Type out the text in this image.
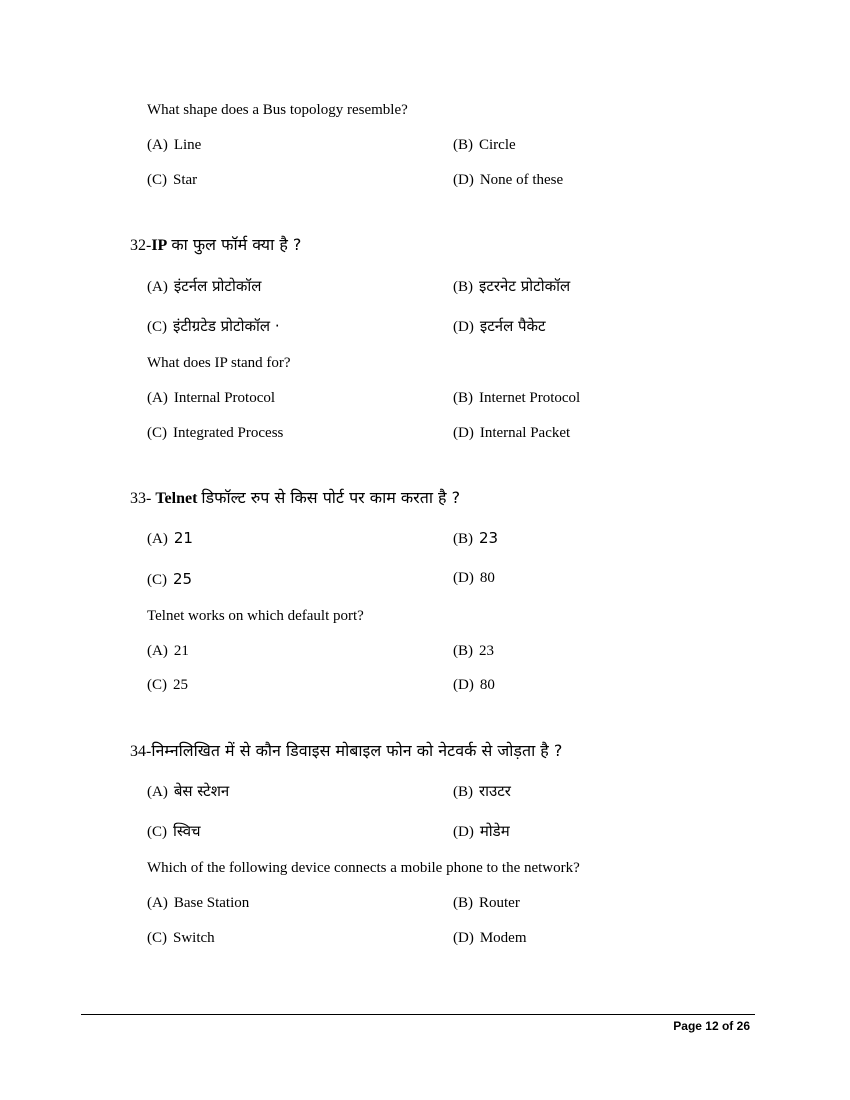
What shape does a Bus topology resemble?
(A) Line	(B) Circle
(C) Star	(D) None of these
32-IP का फुल फॉर्म क्या है ?
(A) इंटर्नल प्रोटोकॉल	(B) इटरनेट प्रोटोकॉल
(C) इंटीग्रटेड प्रोटोकॉल ·	(D) इटर्नल पैकेट
What does IP stand for?
(A) Internal Protocol	(B) Internet Protocol
(C) Integrated Process	(D) Internal Packet
33- Telnet डिफॉल्ट रुप से किस पोर्ट पर काम करता है ?
(A) 21	(B) 23
(C) 25	(D) 80
Telnet works on which default port?
(A) 21	(B) 23
(C) 25	(D) 80
34-निम्नलिखित में से कौन डिवाइस मोबाइल फोन को नेटवर्क से जोड़ता है ?
(A) बेस स्टेशन	(B) राउटर
(C) स्विच	(D) मोडेम
Which of the following device connects a mobile phone to the network?
(A) Base Station	(B) Router
(C) Switch	(D) Modem
Page 12 of 26
